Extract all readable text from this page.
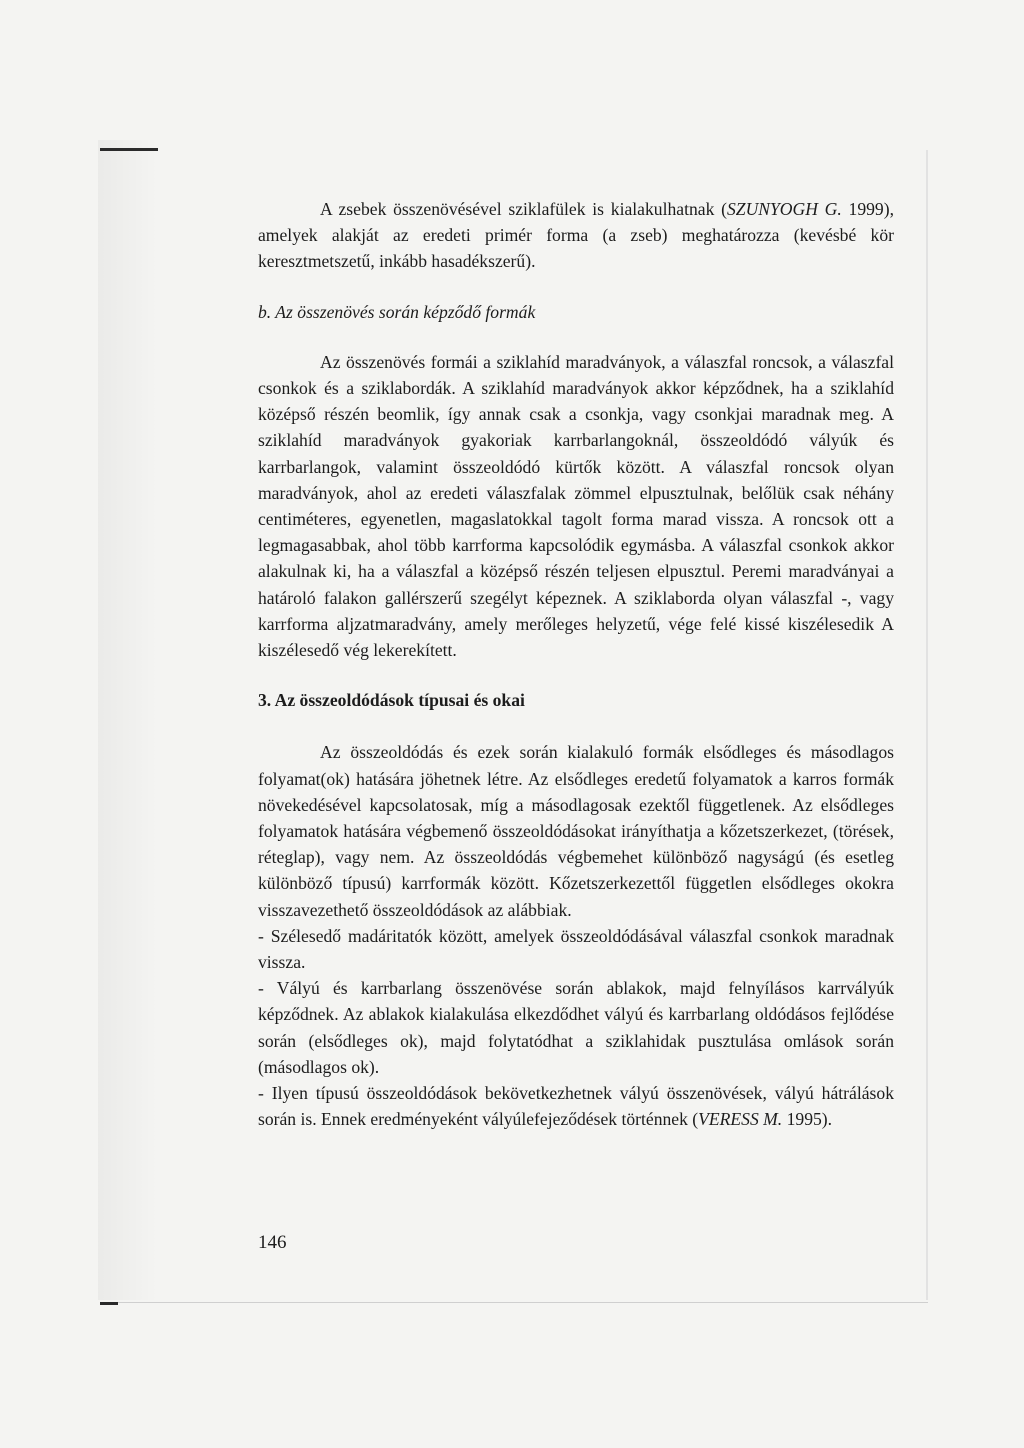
A zsebek összenövésével sziklafülek is kialakulhatnak (SZUNYOGH G. 1999), amelyek alakját az eredeti primér forma (a zseb) meghatározza (kevésbé kör keresztmetszetű, inkább hasadékszerű).

b. Az összenövés során képződő formák

Az összenövés formái a sziklahíd maradványok, a válaszfal roncsok, a válaszfal csonkok és a sziklabordák. A sziklahíd maradványok akkor képződnek, ha a sziklahíd középső részén beomlik, így annak csak a csonkja, vagy csonkjai maradnak meg. A sziklahíd maradványok gyakoriak karrbarlangoknál, összeoldódó vályúk és karrbarlangok, valamint összeoldódó kürtők között. A válaszfal roncsok olyan maradványok, ahol az eredeti válaszfalak zömmel elpusztulnak, belőlük csak néhány centiméteres, egyenetlen, magaslatokkal tagolt forma marad vissza. A roncsok ott a legmagasabbak, ahol több karrforma kapcsolódik egymásba. A válaszfal csonkok akkor alakulnak ki, ha a válaszfal a középső részén teljesen elpusztul. Peremi maradványai a határoló falakon gallérszerű szegélyt képeznek. A sziklaborda olyan válaszfal -, vagy karrforma aljzatmaradvány, amely merőleges helyzetű, vége felé kissé kiszélesedik A kiszélesedő vég lekerekített.

3. Az összeoldódások típusai és okai

Az összeoldódás és ezek során kialakuló formák elsődleges és másodlagos folyamat(ok) hatására jöhetnek létre. Az elsődleges eredetű folyamatok a karros formák növekedésével kapcsolatosak, míg a másodlagosak ezektől függetlenek. Az elsődleges folyamatok hatására végbemenő összeoldódásokat irányíthatja a kőzetszerkezet, (törések, réteglap), vagy nem. Az összeoldódás végbemehet különböző nagyságú (és esetleg különböző típusú) karrformák között. Kőzetszerkezettől független elsődleges okokra visszavezethető összeoldódások az alábbiak.

- Szélesedő madáritatók között, amelyek összeoldódásával válaszfal csonkok maradnak vissza.

- Vályú és karrbarlang összenövése során ablakok, majd felnyílásos karrvályúk képződnek. Az ablakok kialakulása elkezdődhet vályú és karrbarlang oldódásos fejlődése során (elsődleges ok), majd folytatódhat a sziklahidak pusztulása omlások során (másodlagos ok).

- Ilyen típusú összeoldódások bekövetkezhetnek vályú összenövések, vályú hátrálások során is. Ennek eredményeként vályúlefejeződések történnek (VERESS M. 1995).

146
